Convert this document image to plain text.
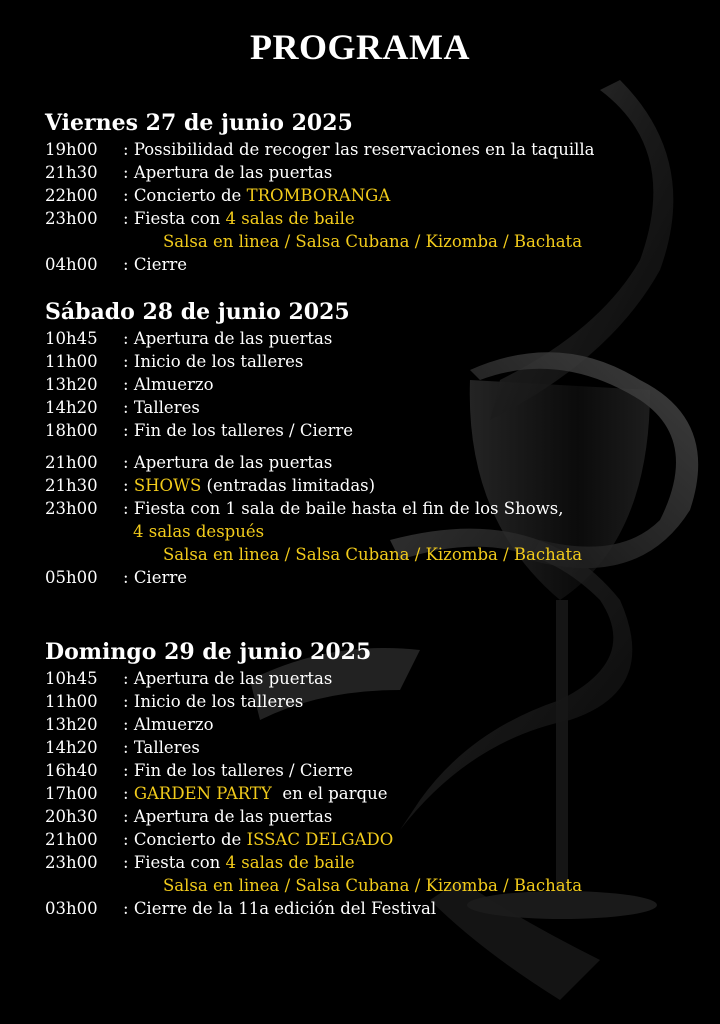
PROGRAMA
Viernes 27 de junio 2025
19h00	: Possibilidad de recoger las reservaciones en la taquilla
21h30	: Apertura de las puertas
22h00	: Concierto de TROMBORANGA
23h00	: Fiesta con 4 salas de baile
Salsa en linea / Salsa Cubana / Kizomba / Bachata
04h00	: Cierre
Sábado 28 de junio 2025
10h45	: Apertura de las puertas
11h00	: Inicio de los talleres
13h20	: Almuerzo
14h20	: Talleres
18h00	: Fin de los talleres / Cierre
21h00	: Apertura de las puertas
21h30	: SHOWS (entradas limitadas)
23h00	: Fiesta con 1 sala de baile hasta el fin de los Shows,
4 salas después
Salsa en linea / Salsa Cubana / Kizomba / Bachata
05h00	: Cierre
Domingo 29 de junio 2025
10h45	: Apertura de las puertas
11h00	: Inicio de los talleres
13h20	: Almuerzo
14h20	: Talleres
16h40	: Fin de los talleres / Cierre
17h00	: GARDEN PARTY  en el parque
20h30	: Apertura de las puertas
21h00	: Concierto de ISSAC DELGADO
23h00	: Fiesta con 4 salas de baile
Salsa en linea / Salsa Cubana / Kizomba / Bachata
03h00	: Cierre de la 11a edición del Festival
